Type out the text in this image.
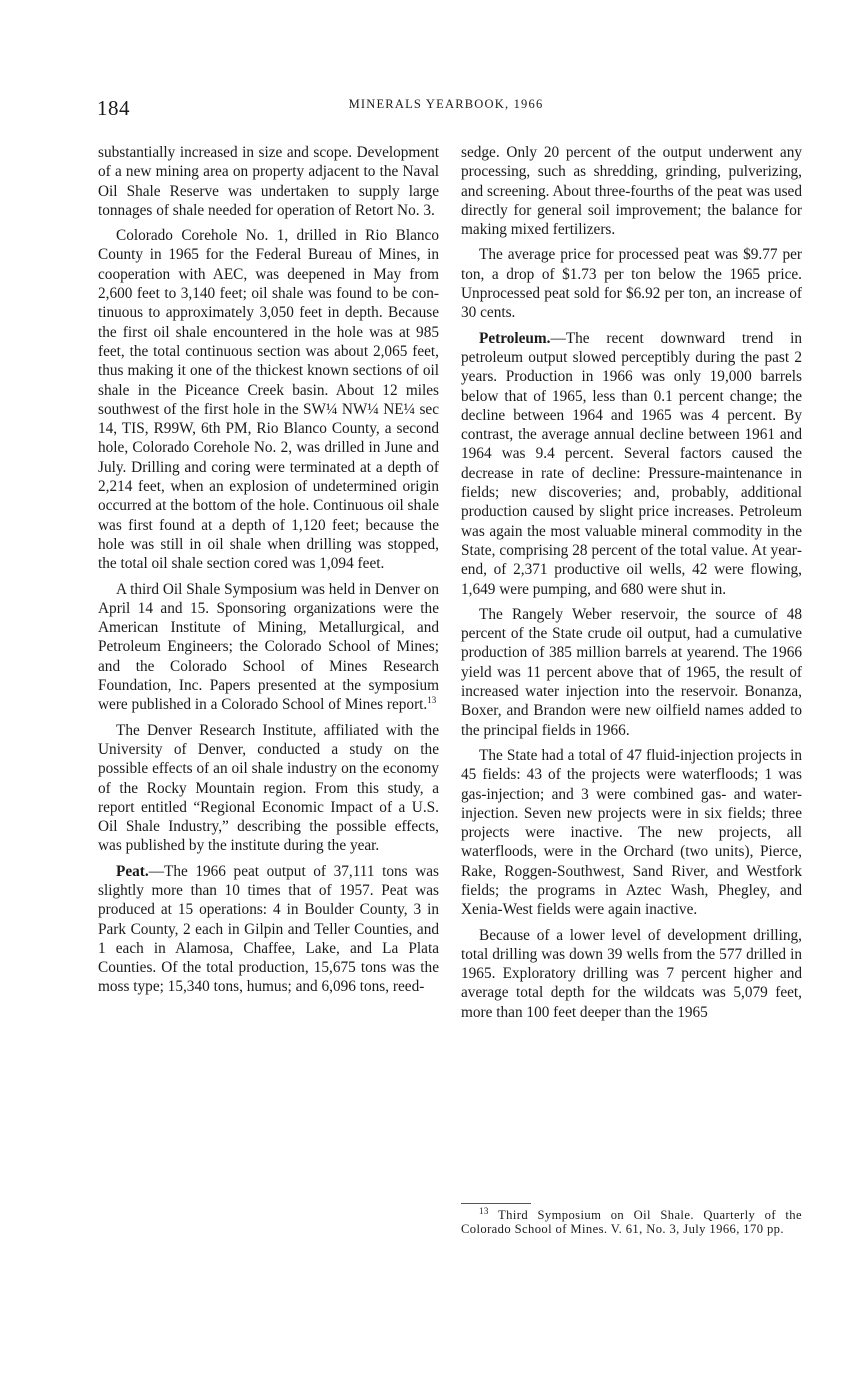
184	MINERALS YEARBOOK, 1966

substantially increased in size and scope. Development of a new mining area on property adjacent to the Naval Oil Shale Reserve was undertaken to supply large tonnages of shale needed for operation of Retort No. 3.

Colorado Corehole No. 1, drilled in Rio Blanco County in 1965 for the Federal Bureau of Mines, in cooperation with AEC, was deepened in May from 2,600 feet to 3,140 feet; oil shale was found to be continuous to approximately 3,050 feet in depth. Because the first oil shale encountered in the hole was at 985 feet, the total continuous section was about 2,065 feet, thus making it one of the thickest known sections of oil shale in the Piceance Creek basin. About 12 miles southwest of the first hole in the SW¼ NW¼ NE¼ sec 14, TIS, R99W, 6th PM, Rio Blanco County, a second hole, Colorado Corehole No. 2, was drilled in June and July. Drilling and coring were terminated at a depth of 2,214 feet, when an explosion of undetermined origin occurred at the bottom of the hole. Continuous oil shale was first found at a depth of 1,120 feet; because the hole was still in oil shale when drilling was stopped, the total oil shale section cored was 1,094 feet.

A third Oil Shale Symposium was held in Denver on April 14 and 15. Sponsoring organizations were the American Institute of Mining, Metallurgical, and Petroleum Engineers; the Colorado School of Mines; and the Colorado School of Mines Research Foundation, Inc. Papers presented at the symposium were published in a Colorado School of Mines report.$^{13}$

The Denver Research Institute, affiliated with the University of Denver, conducted a study on the possible effects of an oil shale industry on the economy of the Rocky Mountain region. From this study, a report entitled “Regional Economic Impact of a U.S. Oil Shale Industry,” describing the possible effects, was published by the institute during the year.

Peat.—The 1966 peat output of 37,111 tons was slightly more than 10 times that of 1957. Peat was produced at 15 operations: 4 in Boulder County, 3 in Park County, 2 each in Gilpin and Teller Counties, and 1 each in Alamosa, Chaffee, Lake, and La Plata Counties. Of the total production, 15,675 tons was the moss type; 15,340 tons, humus; and 6,096 tons, reed-

sedge. Only 20 percent of the output underwent any processing, such as shredding, grinding, pulverizing, and screening. About three-fourths of the peat was used directly for general soil improvement; the balance for making mixed fertilizers.

The average price for processed peat was $9.77 per ton, a drop of $1.73 per ton below the 1965 price. Unprocessed peat sold for $6.92 per ton, an increase of 30 cents.

Petroleum.—The recent downward trend in petroleum output slowed perceptibly during the past 2 years. Production in 1966 was only 19,000 barrels below that of 1965, less than 0.1 percent change; the decline between 1964 and 1965 was 4 percent. By contrast, the average annual decline between 1961 and 1964 was 9.4 percent. Several factors caused the decrease in rate of decline: Pressure-maintenance in fields; new discoveries; and, probably, additional production caused by slight price increases. Petroleum was again the most valuable mineral commodity in the State, comprising 28 percent of the total value. At yearend, of 2,371 productive oil wells, 42 were flowing, 1,649 were pumping, and 680 were shut in.

The Rangely Weber reservoir, the source of 48 percent of the State crude oil output, had a cumulative production of 385 million barrels at yearend. The 1966 yield was 11 percent above that of 1965, the result of increased water injection into the reservoir. Bonanza, Boxer, and Brandon were new oilfield names added to the principal fields in 1966.

The State had a total of 47 fluid-injection projects in 45 fields: 43 of the projects were waterfloods; 1 was gas-injection; and 3 were combined gas- and water-injection. Seven new projects were in six fields; three projects were inactive. The new projects, all waterfloods, were in the Orchard (two units), Pierce, Rake, Roggen-Southwest, Sand River, and Westfork fields; the programs in Aztec Wash, Phegley, and Xenia-West fields were again inactive.

Because of a lower level of development drilling, total drilling was down 39 wells from the 577 drilled in 1965. Exploratory drilling was 7 percent higher and average total depth for the wildcats was 5,079 feet, more than 100 feet deeper than the 1965

$^{13}$ Third Symposium on Oil Shale. Quarterly of the Colorado School of Mines. V. 61, No. 3, July 1966, 170 pp.
